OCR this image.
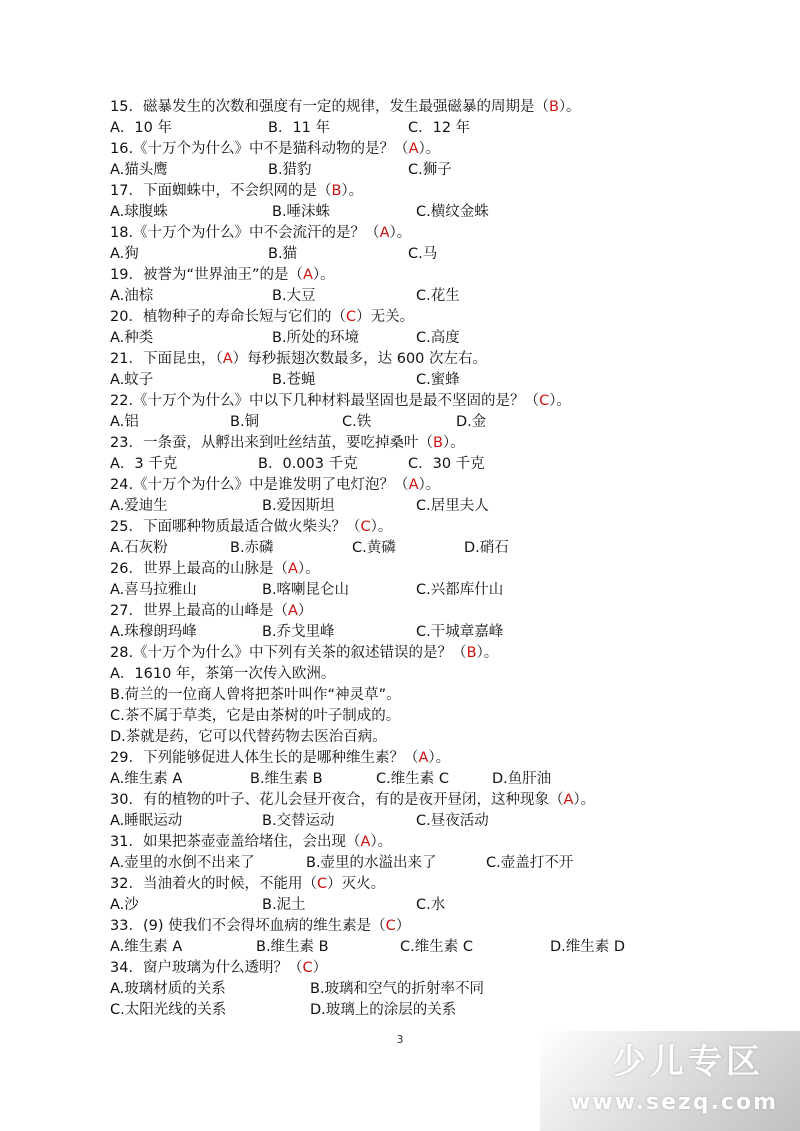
15．磁暴发生的次数和强度有一定的规律，发生最强磁暴的周期是（B）。
A．10 年	B．11 年	C．12 年
16.《十万个为什么》中不是猫科动物的是？（A）。
A.猫头鹰	B.猎豹	C.狮子
17．下面蜘蛛中，不会织网的是（B）。
A.球腹蛛	B.唾沫蛛	C.横纹金蛛
18.《十万个为什么》中不会流汗的是？（A）。
A.狗	B.猫	C.马
19．被誉为“世界油王”的是（A）。
A.油棕	B.大豆	C.花生
20．植物种子的寿命长短与它们的（C）无关。
A.种类	B.所处的环境	C.高度
21．下面昆虫，（A）每秒振翅次数最多，达 600 次左右。
A.蚊子	B.苍蝇	C.蜜蜂
22.《十万个为什么》中以下几种材料最坚固也是最不坚固的是？（C）。
A.铝	B.铜	C.铁	D.金
23．一条蚕，从孵出来到吐丝结茧，要吃掉桑叶（B）。
A．3 千克	B．0.003 千克	C．30 千克
24.《十万个为什么》中是谁发明了电灯泡？（A）。
A.爱迪生	B.爱因斯坦	C.居里夫人
25．下面哪种物质最适合做火柴头？（C）。
A.石灰粉	B.赤磷	C.黄磷	D.硝石
26．世界上最高的山脉是（A）。
A.喜马拉雅山	B.喀喇昆仑山	C.兴都库什山
27．世界上最高的山峰是（A）
A.珠穆朗玛峰	B.乔戈里峰	C.干城章嘉峰
28.《十万个为什么》中下列有关茶的叙述错误的是？（B）。
A．1610 年，茶第一次传入欧洲。
B.荷兰的一位商人曾将把茶叶叫作“神灵草”。
C.茶不属于草类，它是由茶树的叶子制成的。
D.茶就是药，它可以代替药物去医治百病。
29．下列能够促进人体生长的是哪种维生素？（A）。
A.维生素 A	B.维生素 B	C.维生素 C	D.鱼肝油
30．有的植物的叶子、花儿会昼开夜合，有的是夜开昼闭，这种现象（A）。
A.睡眠运动	B.交替运动	C.昼夜活动
31．如果把茶壶壶盖给堵住，会出现（A）。
A.壶里的水倒不出来了	B.壶里的水溢出来了	C.壶盖打不开
32．当油着火的时候，不能用（C）灭火。
A.沙	B.泥土	C.水
33．(9) 使我们不会得坏血病的维生素是（C）
A.维生素 A	B.维生素 B	C.维生素 C	D.维生素 D
34．窗户玻璃为什么透明？（C）
A.玻璃材质的关系	B.玻璃和空气的折射率不同
C.太阳光线的关系	D.玻璃上的涂层的关系
3
少儿专区
www.sezq.com
